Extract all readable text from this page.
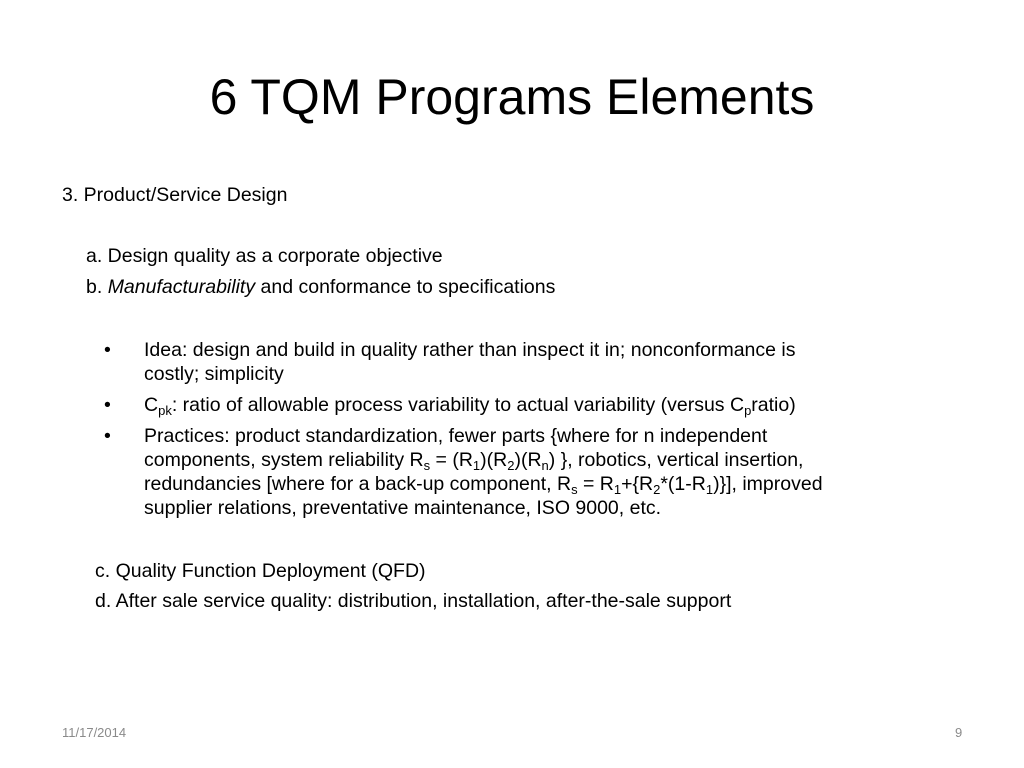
6 TQM Programs Elements
3. Product/Service Design
a. Design quality as a corporate objective
b. Manufacturability and conformance to specifications
•	Idea: design and build in quality rather than inspect it in; nonconformance is
costly; simplicity
•	$C_{pk}$: ratio of allowable process variability to actual variability (versus $C_pratio$)
•	Practices: product standardization, fewer parts {where for n independent
components, system reliability $R_s = (R_1)(R_2)(R_n)$ }, robotics, vertical insertion,
redundancies [where for a back-up component, $R_s = R_1+\{R_2*(1-R_1)\}$], improved
supplier relations, preventative maintenance, ISO 9000, etc.
c. Quality Function Deployment (QFD)
d. After sale service quality: distribution, installation, after-the-sale support
11/17/2014	9
